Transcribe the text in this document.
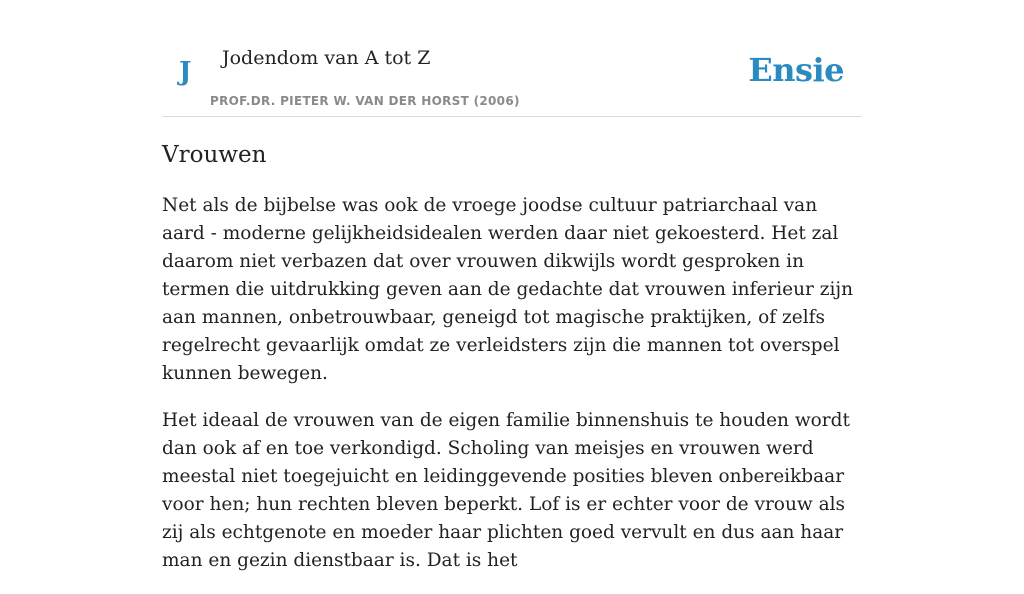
J	Jodendom van A tot Z
PROF.DR. PIETER W. VAN DER HORST (2006)
Ensie
Vrouwen

Net als de bijbelse was ook de vroege joodse cultuur patriarchaal van aard - moderne gelijkheidsidealen werden daar niet gekoesterd. Het zal daarom niet verbazen dat over vrouwen dikwijls wordt gesproken in termen die uitdrukking geven aan de gedachte dat vrouwen inferieur zijn aan mannen, onbetrouwbaar, geneigd tot magische praktijken, of zelfs regelrecht gevaarlijk omdat ze verleidsters zijn die mannen tot overspel kunnen bewegen.

Het ideaal de vrouwen van de eigen familie binnenshuis te houden wordt dan ook af en toe verkondigd. Scholing van meisjes en vrouwen werd meestal niet toegejuicht en leidinggevende posities bleven onbereikbaar voor hen; hun rechten bleven beperkt. Lof is er echter voor de vrouw als zij als echtgenote en moeder haar plichten goed vervult en dus aan haar man en gezin dienstbaar is. Dat is het
